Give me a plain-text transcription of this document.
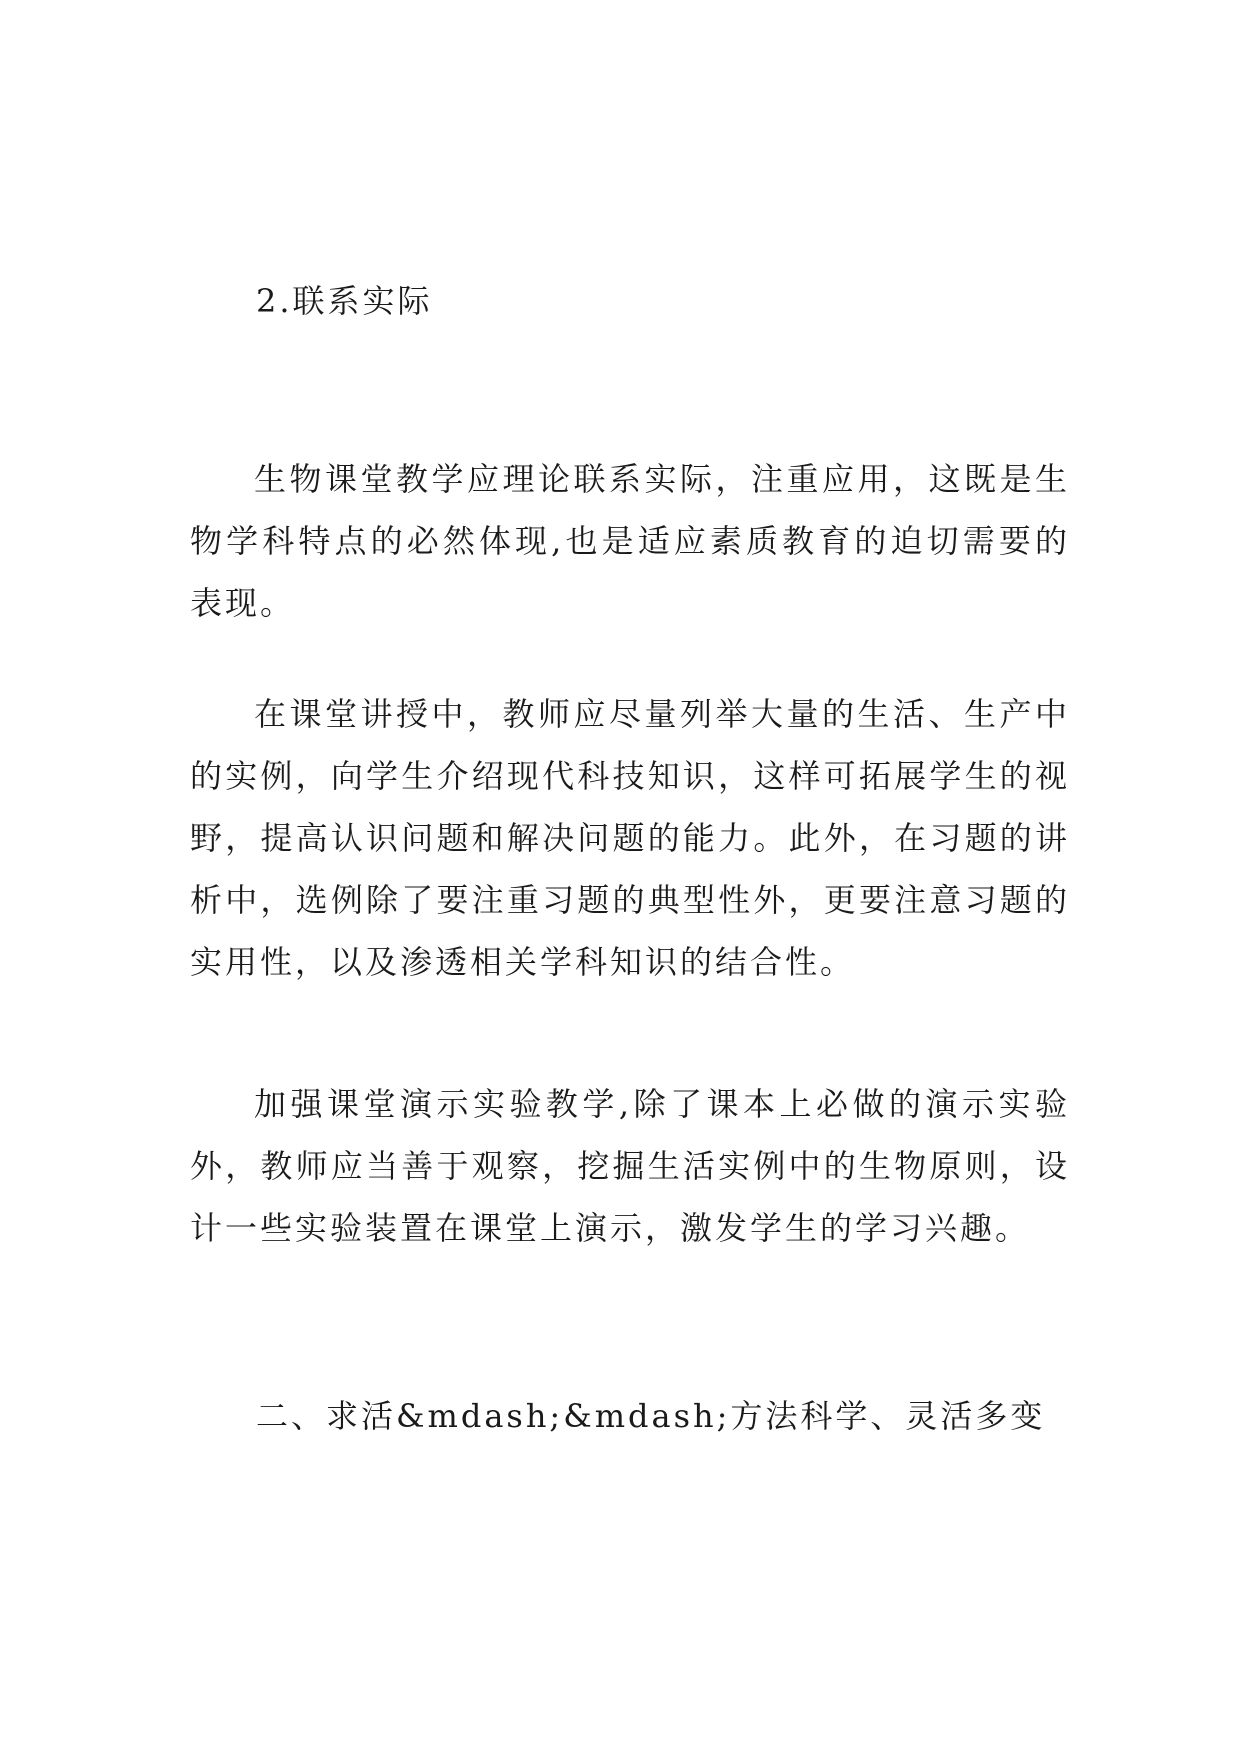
2.联系实际

生物课堂教学应理论联系实际，注重应用，这既是生物学科特点的必然体现,也是适应素质教育的迫切需要的表现。

在课堂讲授中，教师应尽量列举大量的生活、生产中的实例，向学生介绍现代科技知识，这样可拓展学生的视野，提高认识问题和解决问题的能力。此外，在习题的讲析中，选例除了要注重习题的典型性外，更要注意习题的实用性，以及渗透相关学科知识的结合性。

加强课堂演示实验教学,除了课本上必做的演示实验外，教师应当善于观察，挖掘生活实例中的生物原则，设计一些实验装置在课堂上演示，激发学生的学习兴趣。

二、求活&mdash;&mdash;方法科学、灵活多变
